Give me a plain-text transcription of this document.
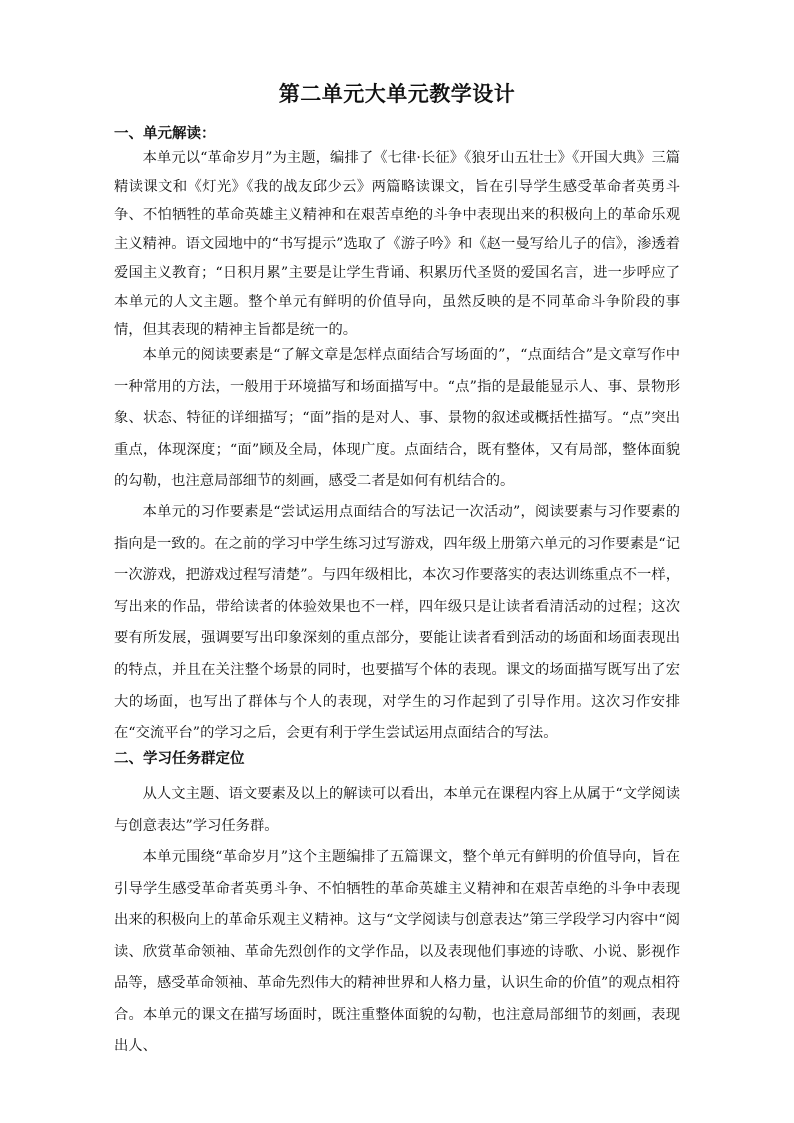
第二单元大单元教学设计
一、单元解读：
本单元以“革命岁月”为主题，编排了《七律·长征》《狼牙山五壮士》《开国大典》三篇精读课文和《灯光》《我的战友邱少云》两篇略读课文，旨在引导学生感受革命者英勇斗争、不怕牺牲的革命英雄主义精神和在艰苦卓绝的斗争中表现出来的积极向上的革命乐观主义精神。语文园地中的“书写提示”选取了《游子吟》和《赵一曼写给儿子的信》，渗透着爱国主义教育；“日积月累”主要是让学生背诵、积累历代圣贤的爱国名言，进一步呼应了本单元的人文主题。整个单元有鲜明的价值导向，虽然反映的是不同革命斗争阶段的事情，但其表现的精神主旨都是统一的。
本单元的阅读要素是“了解文章是怎样点面结合写场面的”，“点面结合”是文章写作中一种常用的方法，一般用于环境描写和场面描写中。“点”指的是最能显示人、事、景物形象、状态、特征的详细描写；“面”指的是对人、事、景物的叙述或概括性描写。“点”突出重点，体现深度；“面”顾及全局，体现广度。点面结合，既有整体，又有局部，整体面貌的勾勒，也注意局部细节的刻画，感受二者是如何有机结合的。
本单元的习作要素是“尝试运用点面结合的写法记一次活动”，阅读要素与习作要素的指向是一致的。在之前的学习中学生练习过写游戏，四年级上册第六单元的习作要素是“记一次游戏，把游戏过程写清楚”。与四年级相比，本次习作要落实的表达训练重点不一样，写出来的作品，带给读者的体验效果也不一样，四年级只是让读者看清活动的过程；这次要有所发展，强调要写出印象深刻的重点部分，要能让读者看到活动的场面和场面表现出的特点，并且在关注整个场景的同时，也要描写个体的表现。课文的场面描写既写出了宏大的场面，也写出了群体与个人的表现，对学生的习作起到了引导作用。这次习作安排在“交流平台”的学习之后，会更有利于学生尝试运用点面结合的写法。
二、学习任务群定位
从人文主题、语文要素及以上的解读可以看出，本单元在课程内容上从属于“文学阅读与创意表达”学习任务群。
本单元围绕“革命岁月”这个主题编排了五篇课文，整个单元有鲜明的价值导向，旨在引导学生感受革命者英勇斗争、不怕牺牲的革命英雄主义精神和在艰苦卓绝的斗争中表现出来的积极向上的革命乐观主义精神。这与“文学阅读与创意表达”第三学段学习内容中“阅读、欣赏革命领袖、革命先烈创作的文学作品，以及表现他们事迹的诗歌、小说、影视作品等，感受革命领袖、革命先烈伟大的精神世界和人格力量，认识生命的价值”的观点相符合。本单元的课文在描写场面时，既注重整体面貌的勾勒，也注意局部细节的刻画，表现出人、
